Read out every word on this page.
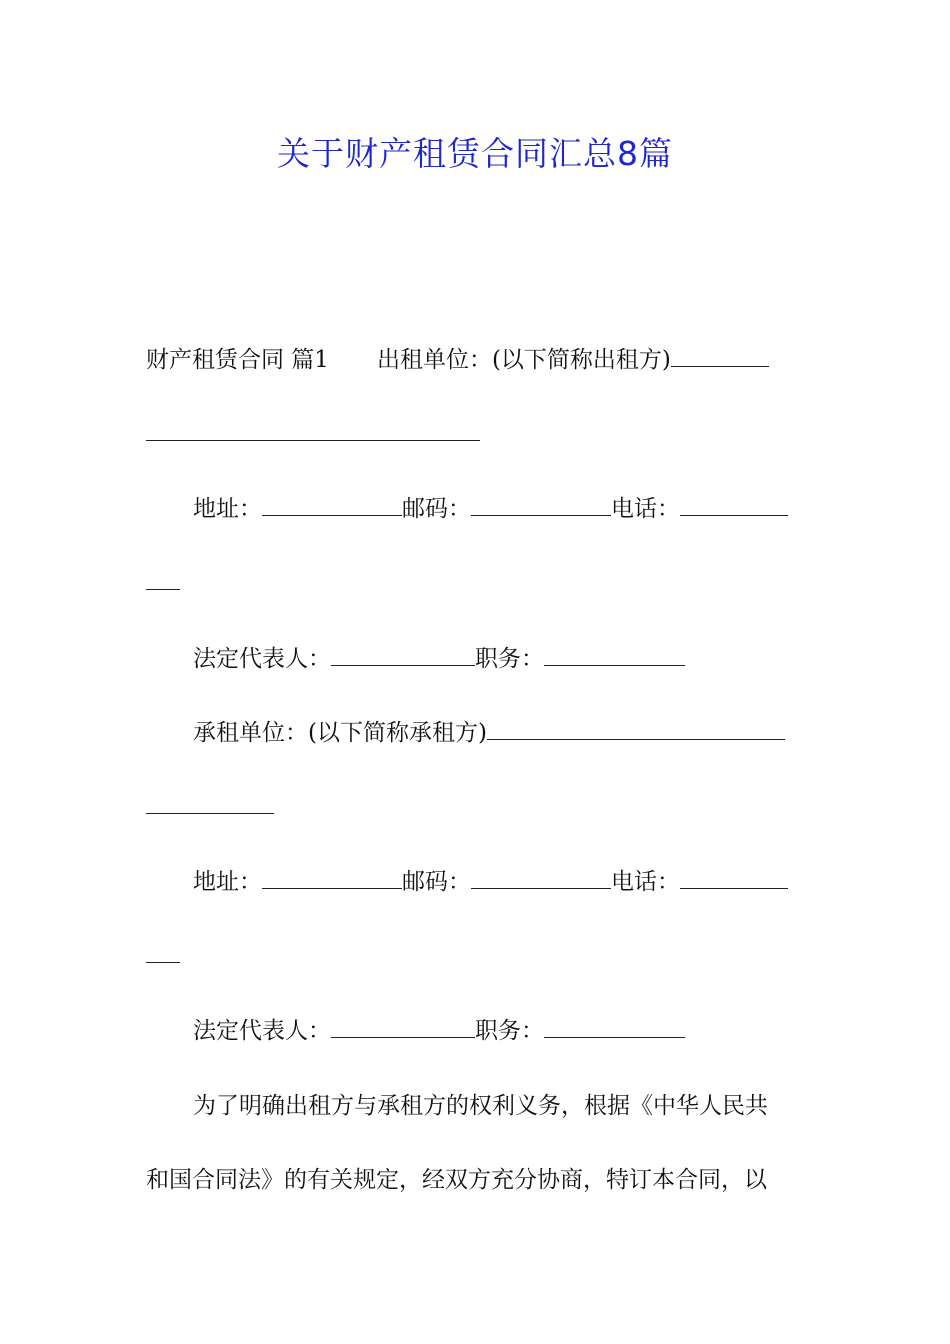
关于财产租赁合同汇总8篇
财产租赁合同 篇1 出租单位：(以下简称出租方)
地址：	邮码：	电话：
法定代表人：	职务：
承租单位：(以下简称承租方)
地址：	邮码：	电话：
法定代表人：	职务：
为了明确出租方与承租方的权利义务，根据《中华人民共
和国合同法》的有关规定，经双方充分协商，特订本合同，以
